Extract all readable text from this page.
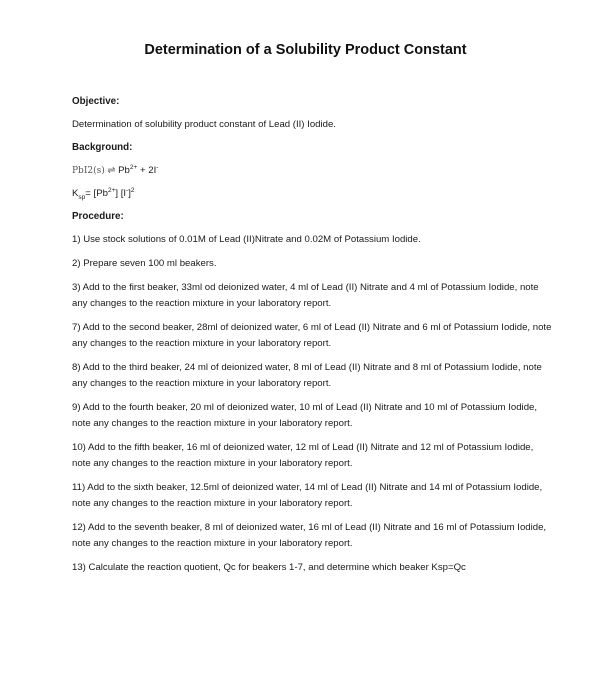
Determination of a Solubility Product Constant

Objective:

Determination of solubility product constant of Lead (II) Iodide.

Background:

PbI2(s) ⇌ $Pb^{2+} + 2I^-$

$K_{sp}= [Pb^{2+}]$ $[I^-]^2$

Procedure:

1) Use stock solutions of 0.01M of Lead (II)Nitrate and 0.02M of Potassium Iodide.

2) Prepare seven 100 ml beakers.

3) Add to the first beaker, 33ml od deionized water, 4 ml of Lead (II) Nitrate and 4 ml of Potassium Iodide, note any changes to the reaction mixture in your laboratory report.

7) Add to the second beaker, 28ml of deionized water, 6 ml of Lead (II) Nitrate and 6 ml of Potassium Iodide, note any changes to the reaction mixture in your laboratory report.

8) Add to the third beaker, 24 ml of deionized water, 8 ml of Lead (II) Nitrate and 8 ml of Potassium Iodide, note any changes to the reaction mixture in your laboratory report.

9) Add to the fourth beaker, 20 ml of deionized water, 10 ml of Lead (II) Nitrate and 10 ml of Potassium Iodide, note any changes to the reaction mixture in your laboratory report.

10) Add to the fifth beaker, 16 ml of deionized water, 12 ml of Lead (II) Nitrate and 12 ml of Potassium Iodide, note any changes to the reaction mixture in your laboratory report.

11) Add to the sixth beaker, 12.5ml of deionized water, 14 ml of Lead (II) Nitrate and 14 ml of Potassium Iodide, note any changes to the reaction mixture in your laboratory report.

12) Add to the seventh beaker, 8 ml of deionized water, 16 ml of Lead (II) Nitrate and 16 ml of Potassium Iodide, note any changes to the reaction mixture in your laboratory report.

13) Calculate the reaction quotient, Qc for beakers 1-7, and determine which beaker Ksp=Qc
